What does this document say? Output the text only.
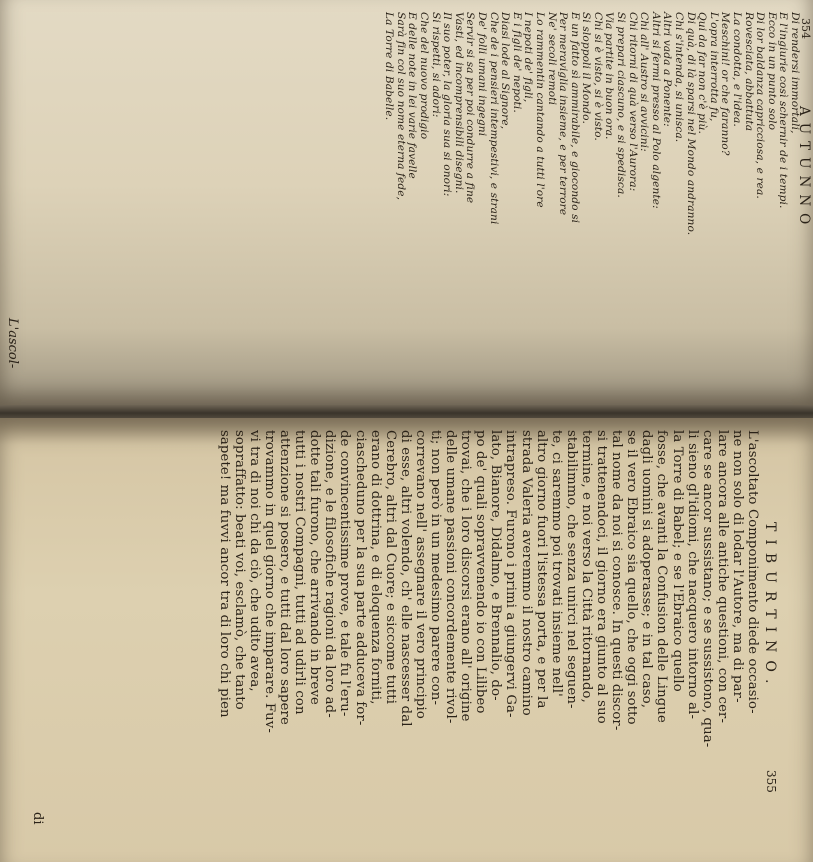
354
AUTUNNO
Di rendersi immortali,
E l'ingiurie così schernir de i tempi.
Ecco in un punto solo
Di lor baldanza capricciosa, e rea.
Rovesciata, abbattuta
La condotta, e l'idea.
Meschini! or che farannο?
L'opra interrotta fu,
Qui da far non c'è più.
Di quà, di là sparsi nel Mondo andranno.
Chi s'intenda, si unisca.
Altri vada a Ponente:
Altri si fermi presso al Polo algente:
Chi all' Austro si avvicini:
Chi ritorni di quà verso l'Aurora:
Si prepari ciascuno, e si spedisca.
Via partite in buon ora.
Chi si è visto, si è visto.
Si sloppoli il Mondo.
E un fatto sì ammirabile, e giocondo si
Per meraviglia insieme, e per terrore
Ne' secoli remoti
Lo rammentin cantando a tutti l'ore
I nepoti de' figli,
E i figli de' nepoti.
Diasi lode al Signore,
Che de i pensieri intempestivi, e strani
De' folli umani ingegni
Servir si sa per poi condurre a fine
Vasti, ed incomprensibili disegni.
Il suo poter, la gloria sua si onori:
Si rispetti, si adori:
Che del nuovo prodigio
E delle note in lei varie favelle
Sarà fin col suo nome eterna fede,
La Torre di Babelle.
L'ascol-
TIBURTINO.
355
L'ascoltato Componimento diede occasio-
ne non solo di lodar l'Autore, ma di par-
lare ancora alle antiche questioni, con cer-
care se ancor sussistano; e se sussistono, qua-
li sieno gl'idiomi, che nacquero intorno al-
la Torre di Babel; e se l'Ebraico quello
fosse, che avanti la Confusion delle Lingue
dagli uomini si adoperasse; e in tal caso,
se il vero Ebraico sia quello, che oggi sotto
tal nome da noi si conosce. In questi discor-
si trattenendoci, il giorno era giunto al suo
termine, e noi verso la Città ritornando,
stabilimmo, che senza unirci nel seguen-
te, ci saremmo poi trovati insieme nell'
altro giorno fuori l'istessa porta, e per la
strada Valeria averemmo il nostro camino
intrapreso. Furono i primi a giungervi Ga-
lato, Bianore, Didalmo, e Brennalio, do-
po de' quali sopravvenendo io con Lilibeo
trovai, che i loro discorsi erano all' origine
delle umane passioni concordemente rivol-
ti; non però in un medesimo parere con-
correvano nell' assegnare il vero principio
di esse, altri volendo, ch' elle nascesser dal
Cerebro, altri dal Cuore; e siccome tutti
erano di dottrina, e di eloquenza forniti,
ciascheduno per la sua parte adduceva for-
de convincentissime prove, e tale fu l'eru-
dizione, e le filosofiche ragioni da loro ad-
dotte tali furono, che arrivando in breve
tutti i nostri Compagni, tutti ad udirli con
attenzione si posero, e tutti dal loro sapere
trovammo in quel giorno che imparare. Fuv-
vi tra di noi chi da ciò, che udito avea,
sopraffatto: beati voi, esclamò, che tanto
sapete! ma fuvvi ancor tra di loro chi pien
di
